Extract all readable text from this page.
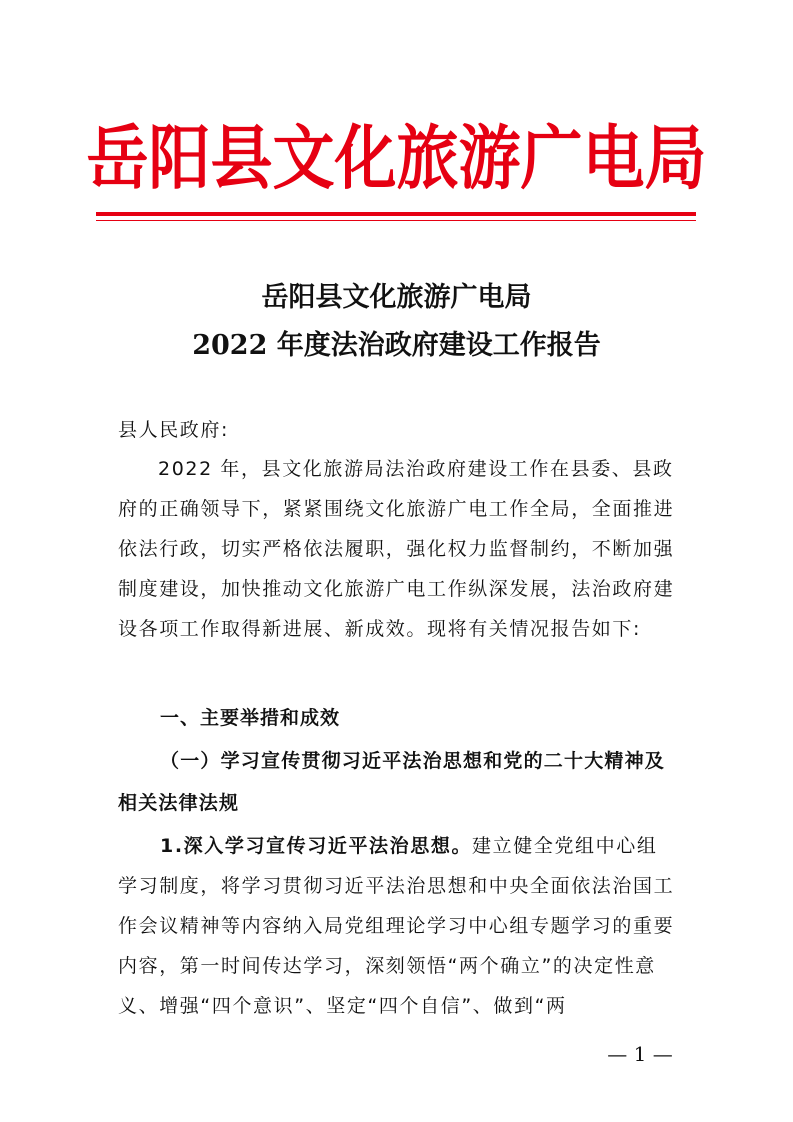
岳阳县文化旅游广电局
岳阳县文化旅游广电局
2022 年度法治政府建设工作报告
县人民政府:
2022 年，县文化旅游局法治政府建设工作在县委、县政府的正确领导下，紧紧围绕文化旅游广电工作全局，全面推进依法行政，切实严格依法履职，强化权力监督制约，不断加强制度建设，加快推动文化旅游广电工作纵深发展，法治政府建设各项工作取得新进展、新成效。现将有关情况报告如下:
一、主要举措和成效
（一）学习宣传贯彻习近平法治思想和党的二十大精神及相关法律法规
1.深入学习宣传习近平法治思想。建立健全党组中心组学习制度，将学习贯彻习近平法治思想和中央全面依法治国工作会议精神等内容纳入局党组理论学习中心组专题学习的重要内容，第一时间传达学习，深刻领悟“两个确立”的决定性意义、增强“四个意识”、坚定“四个自信”、做到“两
— 1 —
